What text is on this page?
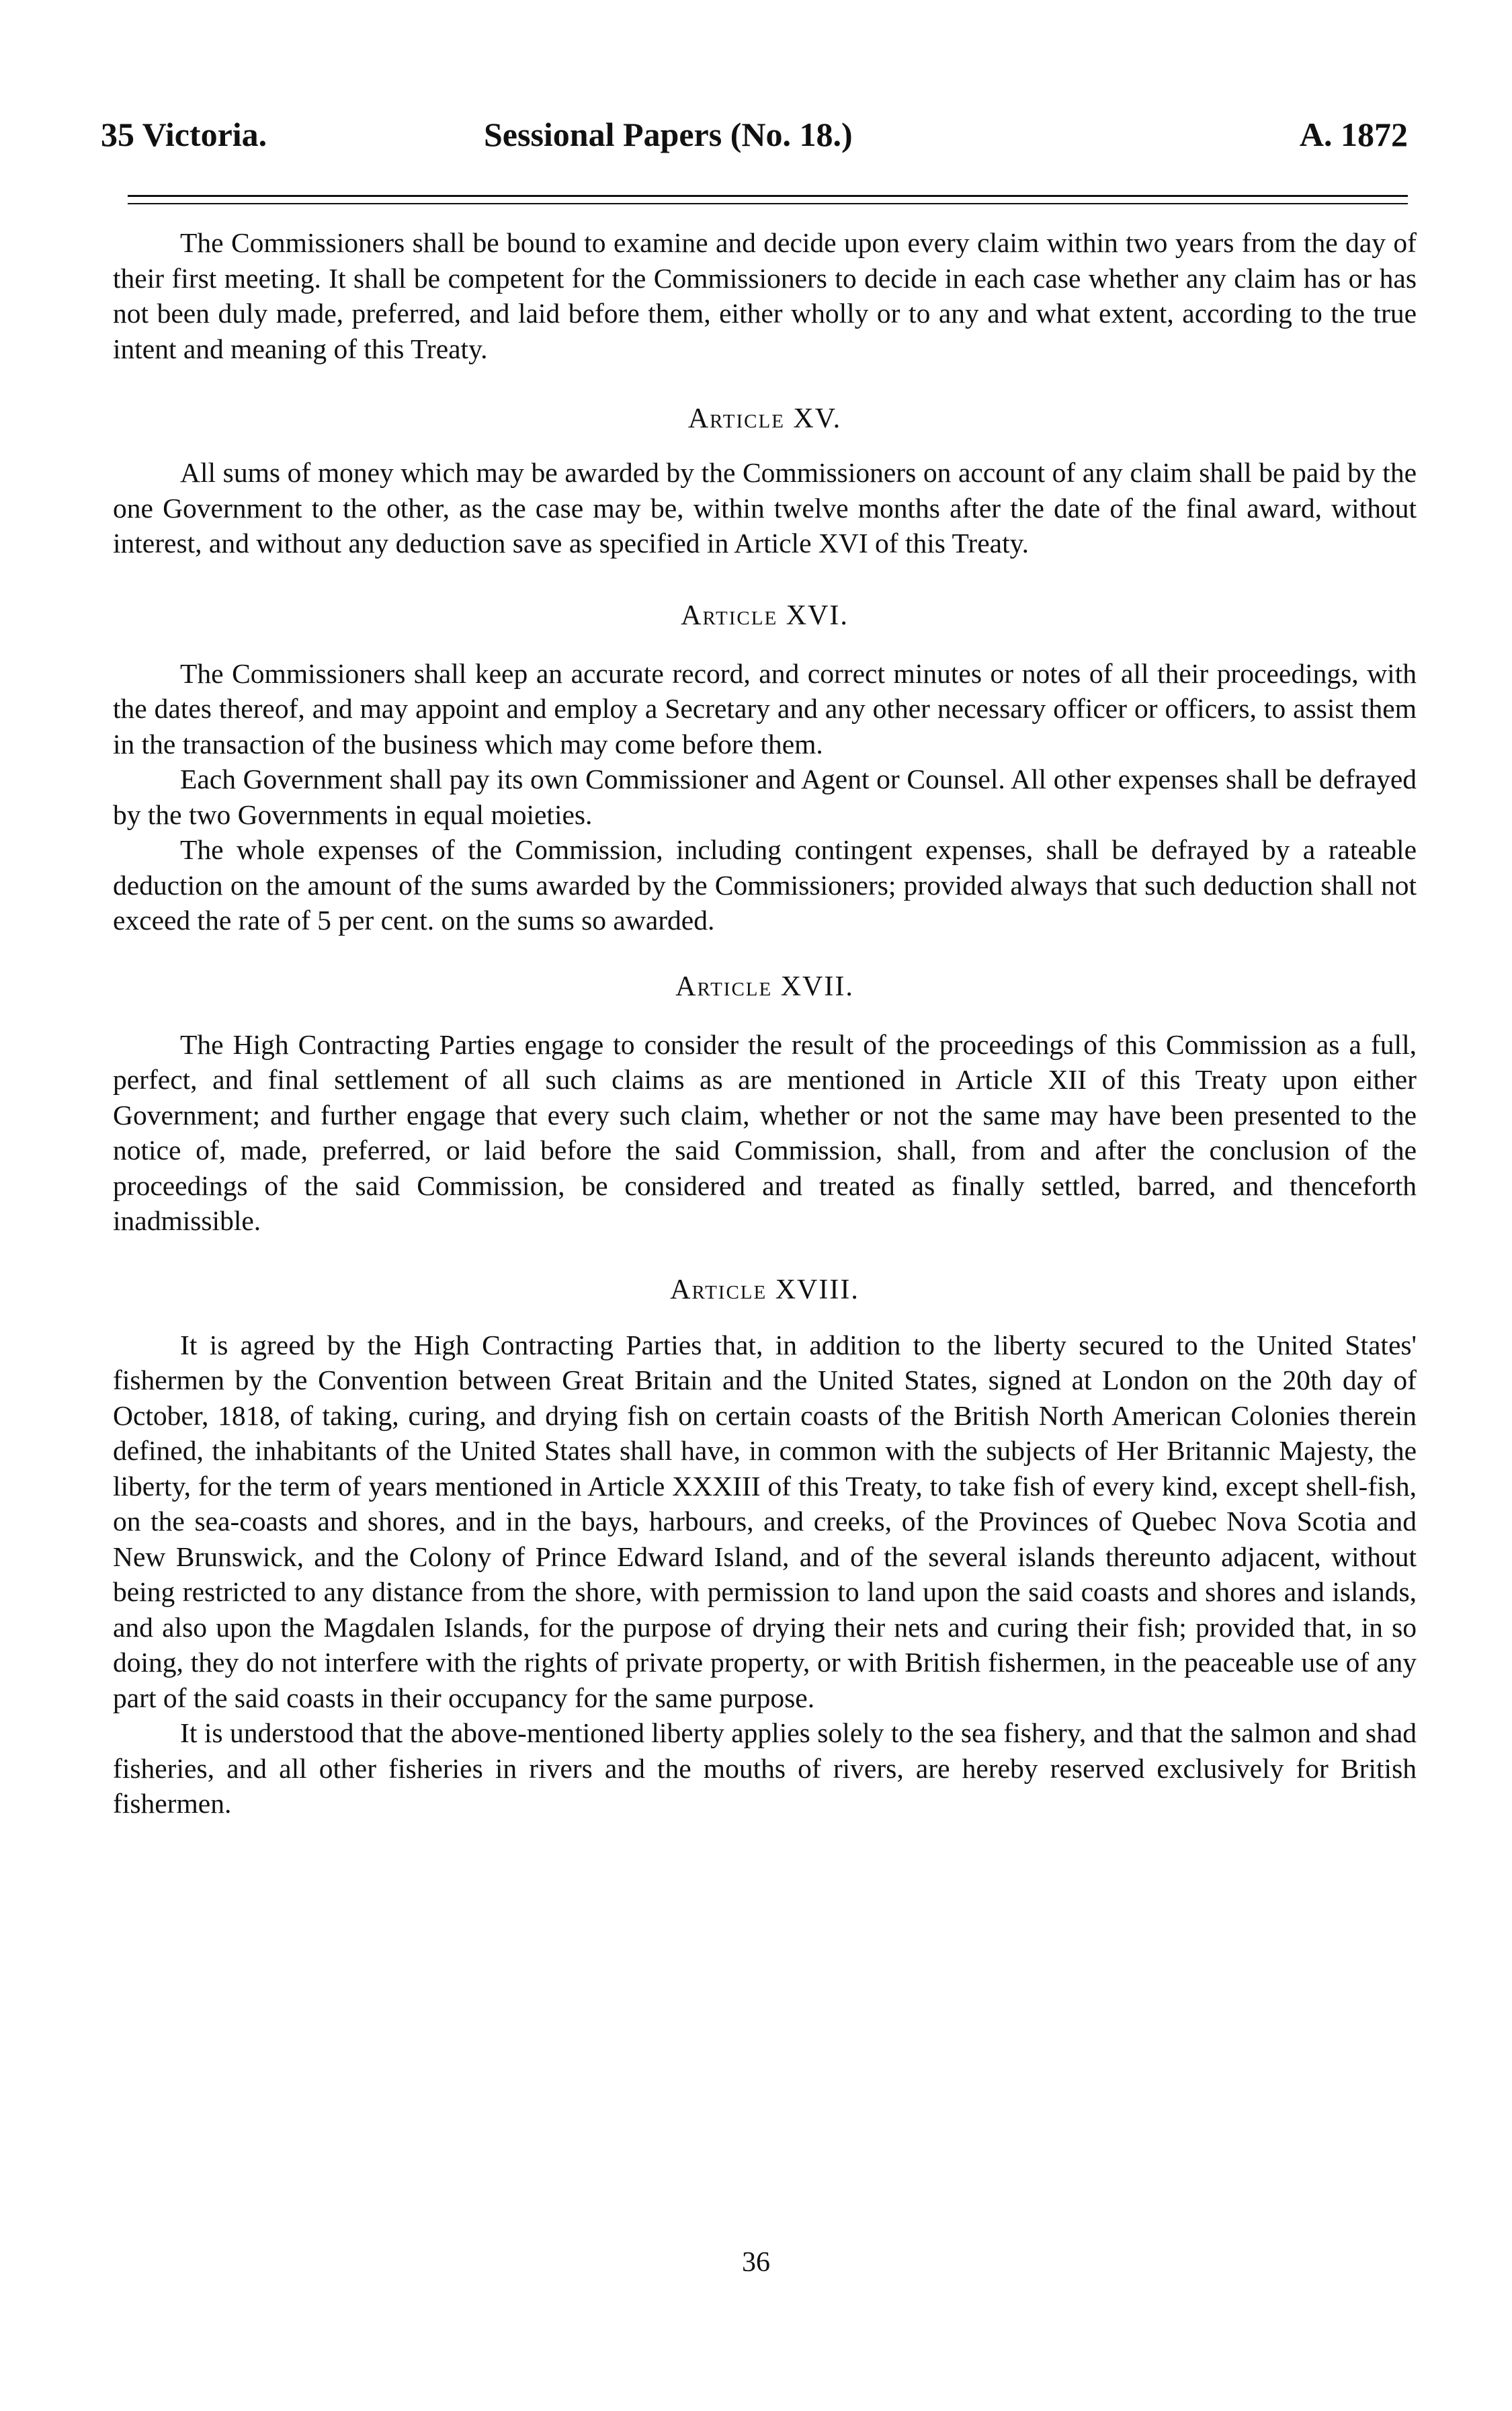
35 Victoria.	Sessional Papers (No. 18.)	A. 1872

The Commissioners shall be bound to examine and decide upon every claim within two years from the day of their first meeting. It shall be competent for the Commissioners to decide in each case whether any claim has or has not been duly made, preferred, and laid before them, either wholly or to any and what extent, according to the true intent and meaning of this Treaty.

Article XV.

All sums of money which may be awarded by the Commissioners on account of any claim shall be paid by the one Government to the other, as the case may be, within twelve months after the date of the final award, without interest, and without any deduction save as specified in Article XVI of this Treaty.

Article XVI.

The Commissioners shall keep an accurate record, and correct minutes or notes of all their proceedings, with the dates thereof, and may appoint and employ a Secretary and any other necessary officer or officers, to assist them in the transaction of the business which may come before them.

Each Government shall pay its own Commissioner and Agent or Counsel. All other expenses shall be defrayed by the two Governments in equal moieties.

The whole expenses of the Commission, including contingent expenses, shall be defrayed by a rateable deduction on the amount of the sums awarded by the Commissioners; provided always that such deduction shall not exceed the rate of 5 per cent. on the sums so awarded.

Article XVII.

The High Contracting Parties engage to consider the result of the proceedings of this Commission as a full, perfect, and final settlement of all such claims as are mentioned in Article XII of this Treaty upon either Government; and further engage that every such claim, whether or not the same may have been presented to the notice of, made, preferred, or laid before the said Commission, shall, from and after the conclusion of the proceedings of the said Commission, be considered and treated as finally settled, barred, and thenceforth inadmissible.

Article XVIII.

It is agreed by the High Contracting Parties that, in addition to the liberty secured to the United States' fishermen by the Convention between Great Britain and the United States, signed at London on the 20th day of October, 1818, of taking, curing, and drying fish on certain coasts of the British North American Colonies therein defined, the inhabitants of the United States shall have, in common with the subjects of Her Britannic Majesty, the liberty, for the term of years mentioned in Article XXXIII of this Treaty, to take fish of every kind, except shell-fish, on the sea-coasts and shores, and in the bays, harbours, and creeks, of the Provinces of Quebec Nova Scotia and New Brunswick, and the Colony of Prince Edward Island, and of the several islands thereunto adjacent, without being restricted to any distance from the shore, with permission to land upon the said coasts and shores and islands, and also upon the Magdalen Islands, for the purpose of drying their nets and curing their fish; provided that, in so doing, they do not interfere with the rights of private property, or with British fishermen, in the peaceable use of any part of the said coasts in their occupancy for the same purpose.

It is understood that the above-mentioned liberty applies solely to the sea fishery, and that the salmon and shad fisheries, and all other fisheries in rivers and the mouths of rivers, are hereby reserved exclusively for British fishermen.

36
